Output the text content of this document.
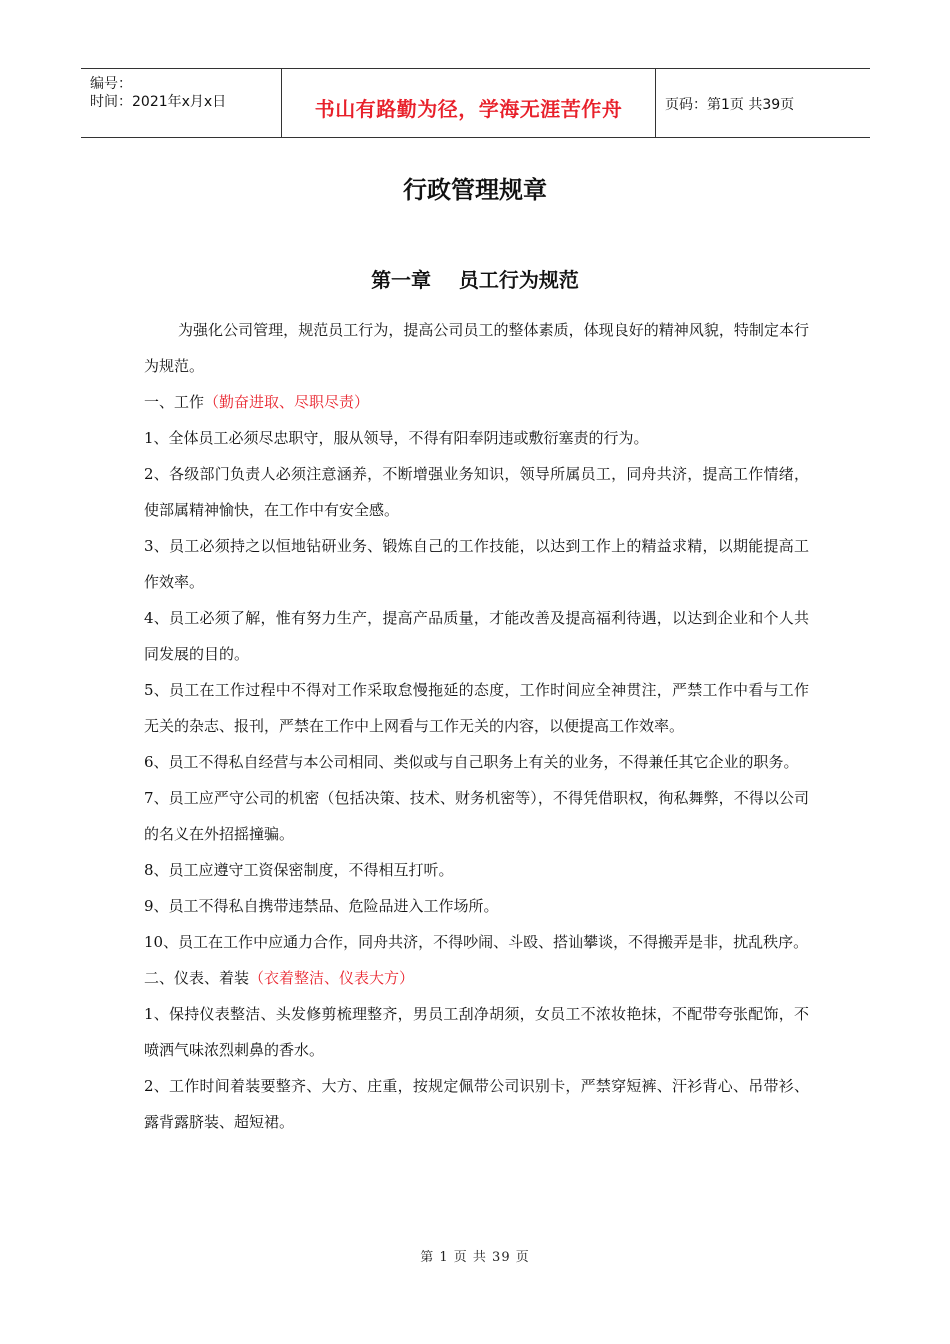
编号：
时间：2021年x月x日	书山有路勤为径，学海无涯苦作舟	页码：第1页 共39页
行政管理规章
第一章    员工行为规范

为强化公司管理，规范员工行为，提高公司员工的整体素质，体现良好的精神风貌，特制定本行为规范。

一、工作（勤奋进取、尽职尽责）

1、全体员工必须尽忠职守，服从领导，不得有阳奉阴违或敷衍塞责的行为。

2、各级部门负责人必须注意涵养，不断增强业务知识，领导所属员工，同舟共济，提高工作情绪，使部属精神愉快，在工作中有安全感。

3、员工必须持之以恒地钻研业务、锻炼自己的工作技能，以达到工作上的精益求精，以期能提高工作效率。

4、员工必须了解，惟有努力生产，提高产品质量，才能改善及提高福利待遇，以达到企业和个人共同发展的目的。

5、员工在工作过程中不得对工作采取怠慢拖延的态度，工作时间应全神贯注，严禁工作中看与工作无关的杂志、报刊，严禁在工作中上网看与工作无关的内容，以便提高工作效率。

6、员工不得私自经营与本公司相同、类似或与自己职务上有关的业务，不得兼任其它企业的职务。

7、员工应严守公司的机密（包括决策、技术、财务机密等），不得凭借职权，徇私舞弊，不得以公司的名义在外招摇撞骗。

8、员工应遵守工资保密制度，不得相互打听。

9、员工不得私自携带违禁品、危险品进入工作场所。

10、员工在工作中应通力合作，同舟共济，不得吵闹、斗殴、搭讪攀谈，不得搬弄是非，扰乱秩序。

二、仪表、着装（衣着整洁、仪表大方）

1、保持仪表整洁、头发修剪梳理整齐，男员工刮净胡须，女员工不浓妆艳抹，不配带夸张配饰，不喷洒气味浓烈刺鼻的香水。

2、工作时间着装要整齐、大方、庄重，按规定佩带公司识别卡，严禁穿短裤、汗衫背心、吊带衫、露背露脐装、超短裙。

第 1 页 共 39 页
